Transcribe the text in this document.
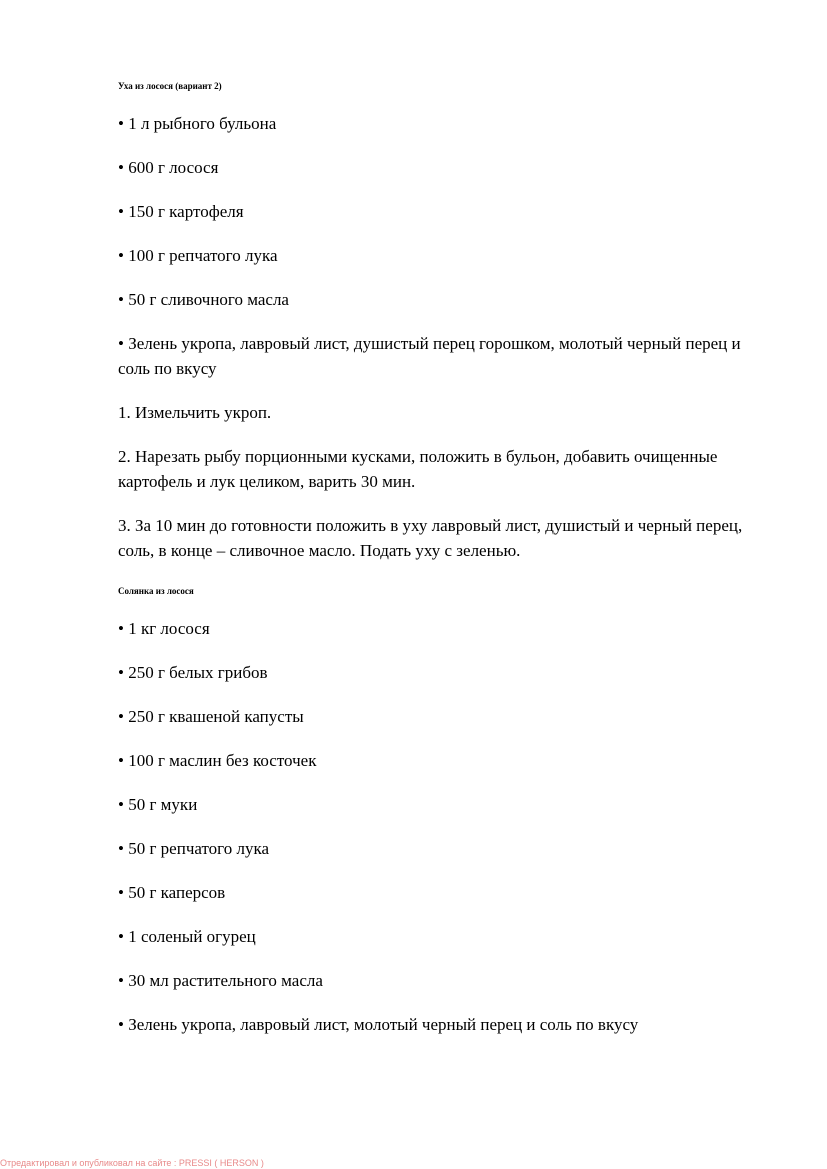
Уха из лосося (вариант 2)

• 1 л рыбного бульона

• 600 г лосося

• 150 г картофеля

• 100 г репчатого лука

• 50 г сливочного масла

• Зелень укропа, лавровый лист, душистый перец горошком, молотый черный перец и соль по вкусу

1. Измельчить укроп.

2. Нарезать рыбу порционными кусками, положить в бульон, добавить очищенные картофель и лук целиком, варить 30 мин.

3. За 10 мин до готовности положить в уху лавровый лист, душистый и черный перец, соль, в конце – сливочное масло. Подать уху с зеленью.

Солянка из лосося

• 1 кг лосося

• 250 г белых грибов

• 250 г квашеной капусты

• 100 г маслин без косточек

• 50 г муки

• 50 г репчатого лука

• 50 г каперсов

• 1 соленый огурец

• 30 мл растительного масла

• Зелень укропа, лавровый лист, молотый черный перец и соль по вкусу

Отредактировал и опубликовал на сайте : PRESSI ( HERSON )
